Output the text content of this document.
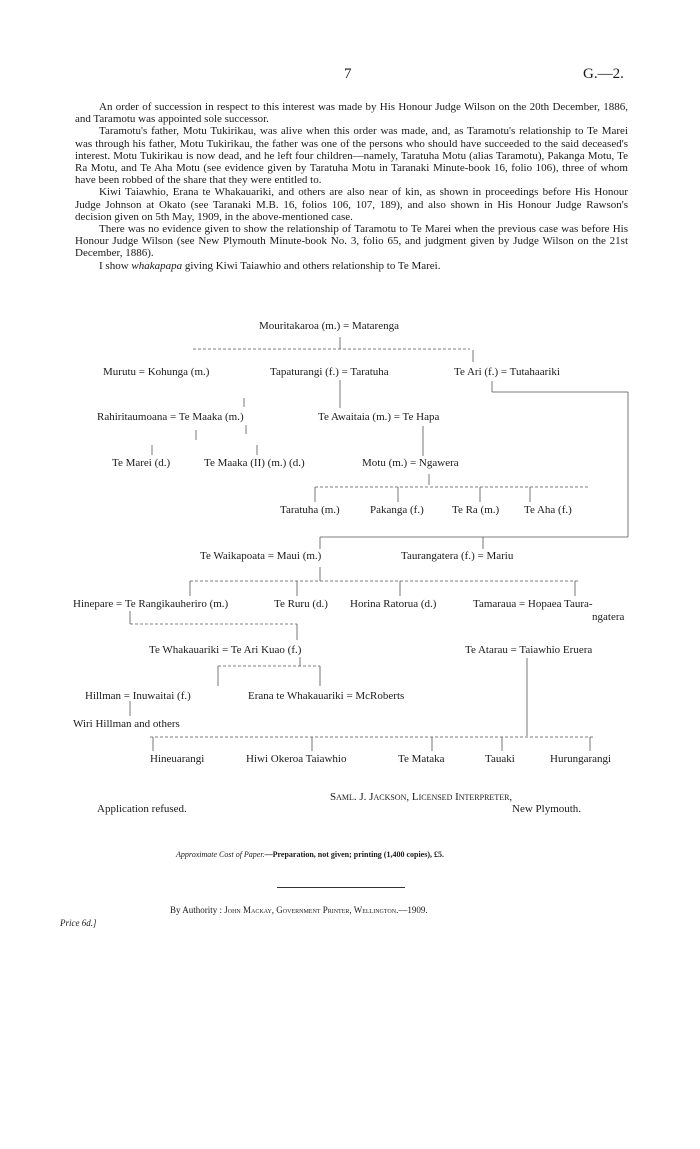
7	G.—2.

An order of succession in respect to this interest was made by His Honour Judge Wilson on the 20th December, 1886, and Taramotu was appointed sole successor.

Taramotu's father, Motu Tukirikau, was alive when this order was made, and, as Taramotu's relationship to Te Marei was through his father, Motu Tukirikau, the father was one of the persons who should have succeeded to the said deceased's interest. Motu Tukirikau is now dead, and he left four children—namely, Taratuha Motu (alias Taramotu), Pakanga Motu, Te Ra Motu, and Te Aha Motu (see evidence given by Taratuha Motu in Taranaki Minute-book 16, folio 106), three of whom have been robbed of the share that they were entitled to.

Kiwi Taiawhio, Erana te Whakauariki, and others are also near of kin, as shown in proceedings before His Honour Judge Johnson at Okato (see Taranaki M.B. 16, folios 106, 107, 189), and also shown in His Honour Judge Rawson's decision given on 5th May, 1909, in the above-mentioned case.

There was no evidence given to show the relationship of Taramotu to Te Marei when the previous case was before His Honour Judge Wilson (see New Plymouth Minute-book No. 3, folio 65, and judgment given by Judge Wilson on the 21st December, 1886).

I show whakapapa giving Kiwi Taiawhio and others relationship to Te Marei.

Mouritakaroa (m.) = Matarenga
Murutu = Kohunga (m.)	Tapaturangi (f.) = Taratuha	Te Ari (f.) = Tutahaariki
Rahiritaumoana = Te Maaka (m.)	Te Awaitaia (m.) = Te Hapa
Te Marei (d.)	Te Maaka (II) (m.) (d.)	Motu (m.) = Ngawera
Taratuha (m.)	Pakanga (f.)	Te Ra (m.) Te Aha (f.)
Te Waikapoata = Maui (m.)	Taurangatera (f.) = Mariu
Hinepare = Te Rangikauheriro (m.)	Te Ruru (d.) Horina Ratorua (d.)	Tamaraua = Hopaea Taura-
ngatera
Te Whakauariki = Te Ari Kuao (f.)	Te Atarau = Taiawhio Eruera
Hillman = Inuwaitai (f.)	Erana te Whakauariki = McRoberts
Wiri Hillman and others
Hineuarangi	Hiwi Okeroa Taiawhio	Te Mataka	Tauaki	Hurungarangi
Application refused.
Saml. J. Jackson, Licensed Interpreter,
New Plymouth.
Approximate Cost of Paper.—Preparation, not given; printing (1,400 copies), £5.
By Authority : John Mackay, Government Printer, Wellington.—1909.
Price 6d.]
